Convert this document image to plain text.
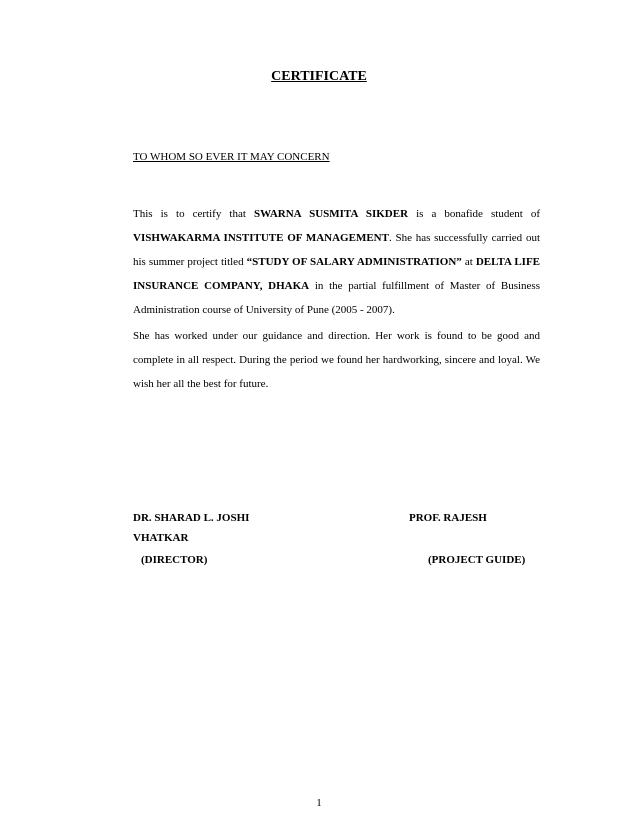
CERTIFICATE
TO WHOM SO EVER IT MAY CONCERN
This is to certify that SWARNA SUSMITA SIKDER is a bonafide student of VISHWAKARMA INSTITUTE OF MANAGEMENT. She has successfully carried out his summer project titled “STUDY OF SALARY ADMINISTRATION” at DELTA LIFE INSURANCE COMPANY, DHAKA in the partial fulfillment of Master of Business Administration course of University of Pune (2005 - 2007).
She has worked under our guidance and direction. Her work is found to be good and complete in all respect. During the period we found her hardworking, sincere and loyal. We wish her all the best for future.
DR. SHARAD L. JOSHI	PROF. RAJESH
VHATKAR
(DIRECTOR)	(PROJECT GUIDE)
1
